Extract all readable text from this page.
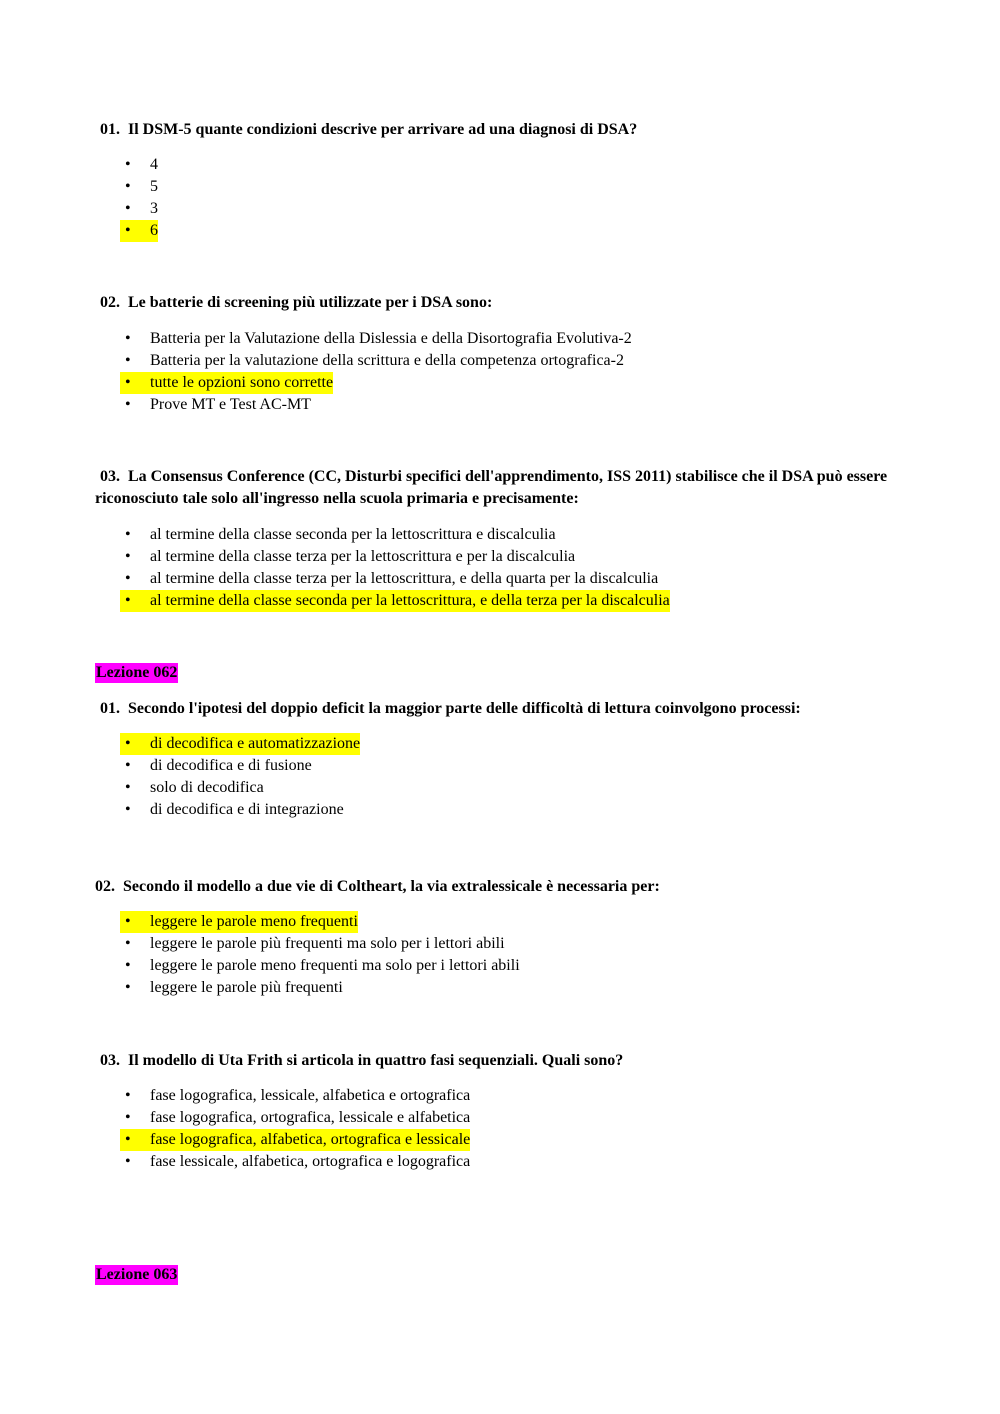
01. Il DSM-5 quante condizioni descrive per arrivare ad una diagnosi di DSA?

• 4
• 5
• 3
• 6

02. Le batterie di screening più utilizzate per i DSA sono:

• Batteria per la Valutazione della Dislessia e della Disortografia Evolutiva-2
• Batteria per la valutazione della scrittura e della competenza ortografica-2
• tutte le opzioni sono corrette
• Prove MT e Test AC-MT

03. La Consensus Conference (CC, Disturbi specifici dell'apprendimento, ISS 2011) stabilisce che il DSA può essere riconosciuto tale solo all'ingresso nella scuola primaria e precisamente:

• al termine della classe seconda per la lettoscrittura e discalculia
• al termine della classe terza per la lettoscrittura e per la discalculia
• al termine della classe terza per la lettoscrittura, e della quarta per la discalculia
• al termine della classe seconda per la lettoscrittura, e della terza per la discalculia
Lezione 062

01. Secondo l'ipotesi del doppio deficit la maggior parte delle difficoltà di lettura coinvolgono processi:

• di decodifica e automatizzazione
• di decodifica e di fusione
• solo di decodifica
• di decodifica e di integrazione

02. Secondo il modello a due vie di Coltheart, la via extralessicale è necessaria per:

• leggere le parole meno frequenti
• leggere le parole più frequenti ma solo per i lettori abili
• leggere le parole meno frequenti ma solo per i lettori abili
• leggere le parole più frequenti

03. Il modello di Uta Frith si articola in quattro fasi sequenziali. Quali sono?

• fase logografica, lessicale, alfabetica e ortografica
• fase logografica, ortografica, lessicale e alfabetica
• fase logografica, alfabetica, ortografica e lessicale
• fase lessicale, alfabetica, ortografica e logografica
Lezione 063
